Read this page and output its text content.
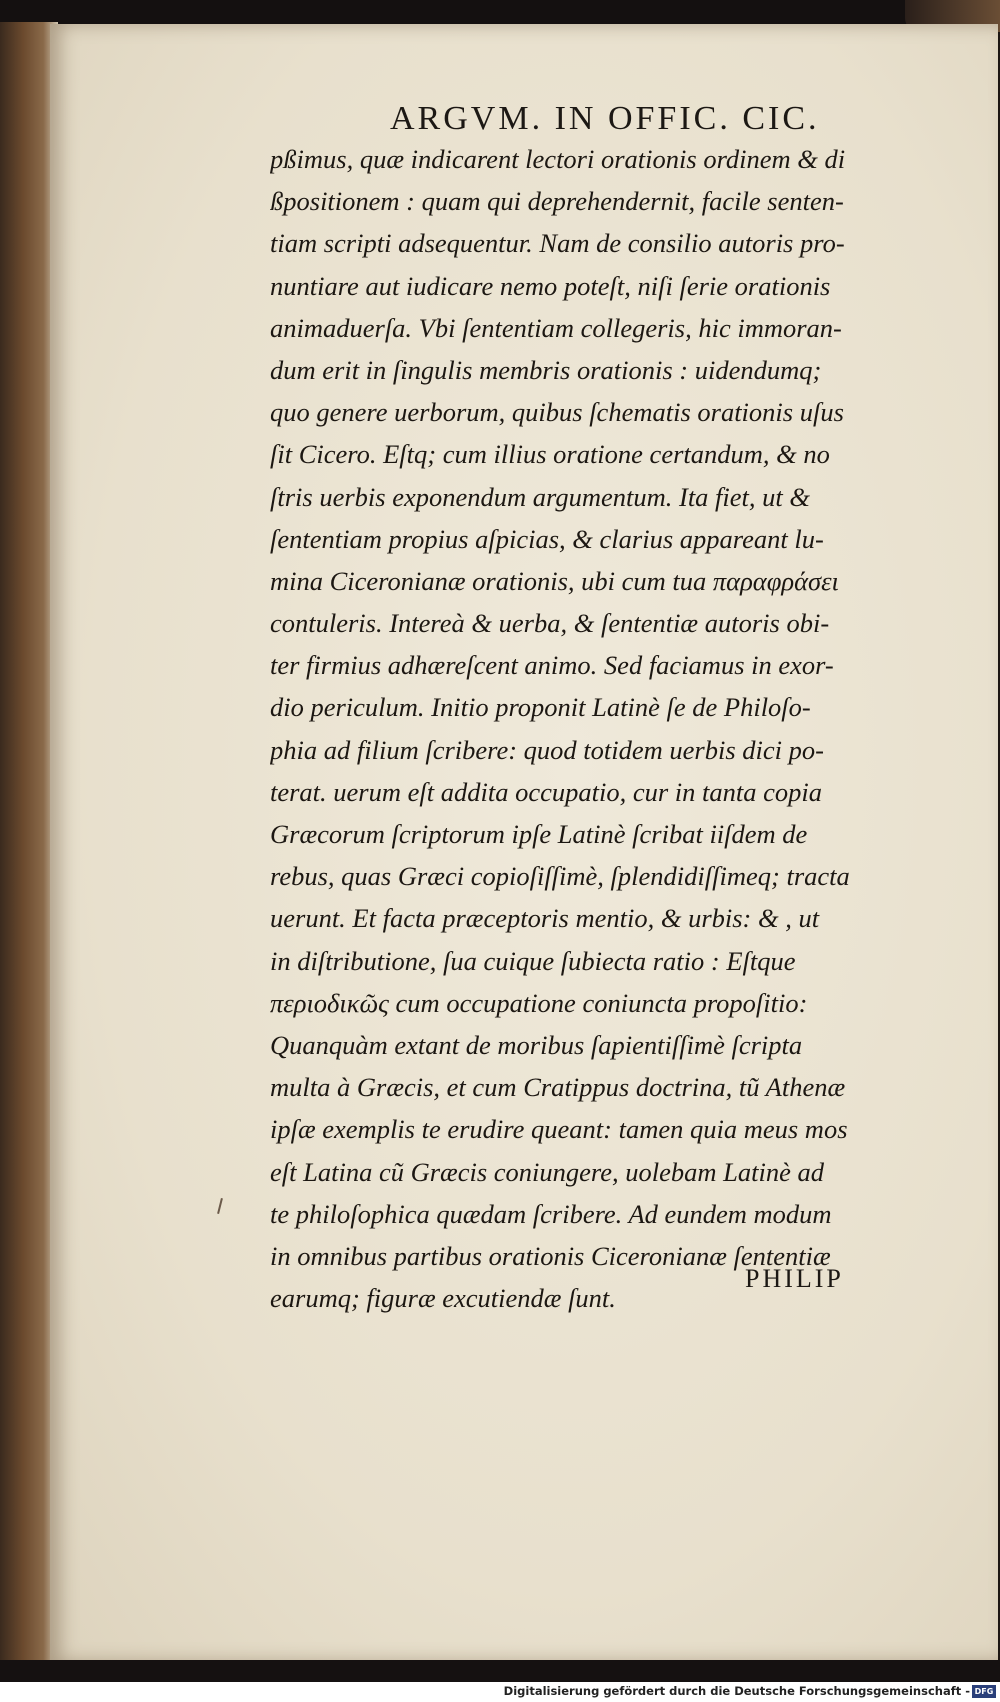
ARGVM. IN OFFIC. CIC.
pßimus, quæ indicarent lectori orationis ordinem & di
ßpositionem : quam qui deprehendernit, facile senten-
tiam scripti adsequentur. Nam de consilio autoris pro-
nuntiare aut iudicare nemo poteſt, niſi ſerie orationis
animaduerſa. Vbi ſententiam collegeris, hic immoran-
dum erit in ſingulis membris orationis : uidendumq;
quo genere uerborum, quibus ſchematis orationis uſus
ſit Cicero. Eſtq; cum illius oratione certandum, & no
ſtris uerbis exponendum argumentum. Ita fiet, ut &
ſententiam propius aſpicias, & clarius appareant lu-
mina Ciceronianæ orationis, ubi cum tua παραφράσει
contuleris. Intereà & uerba, & ſententiæ autoris obi-
ter firmius adhæreſcent animo. Sed faciamus in exor-
dio periculum. Initio proponit Latinè ſe de Philoſo-
phia ad filium ſcribere: quod totidem uerbis dici po-
terat. uerum eſt addita occupatio, cur in tanta copia
Græcorum ſcriptorum ipſe Latinè ſcribat iiſdem de
rebus, quas Græci copioſiſſimè, ſplendidiſſimeq; tracta
uerunt. Et facta præceptoris mentio, & urbis: & , ut
in diſtributione, ſua cuique ſubiecta ratio : Eſtque
περιοδικῶς cum occupatione coniuncta propoſitio:
Quanquàm extant de moribus ſapientiſſimè ſcripta
multa à Græcis, et cum Cratippus doctrina, tũ Athenæ
ipſæ exemplis te erudire queant: tamen quia meus mos
eſt Latina cũ Græcis coniungere, uolebam Latinè ad
te philoſophica quædam ſcribere. Ad eundem modum
in omnibus partibus orationis Ciceronianæ ſententiæ
earumq; figuræ excutiendæ ſunt.
PHILIP
Digitalisierung gefördert durch die Deutsche Forschungsgemeinschaft - DFG
